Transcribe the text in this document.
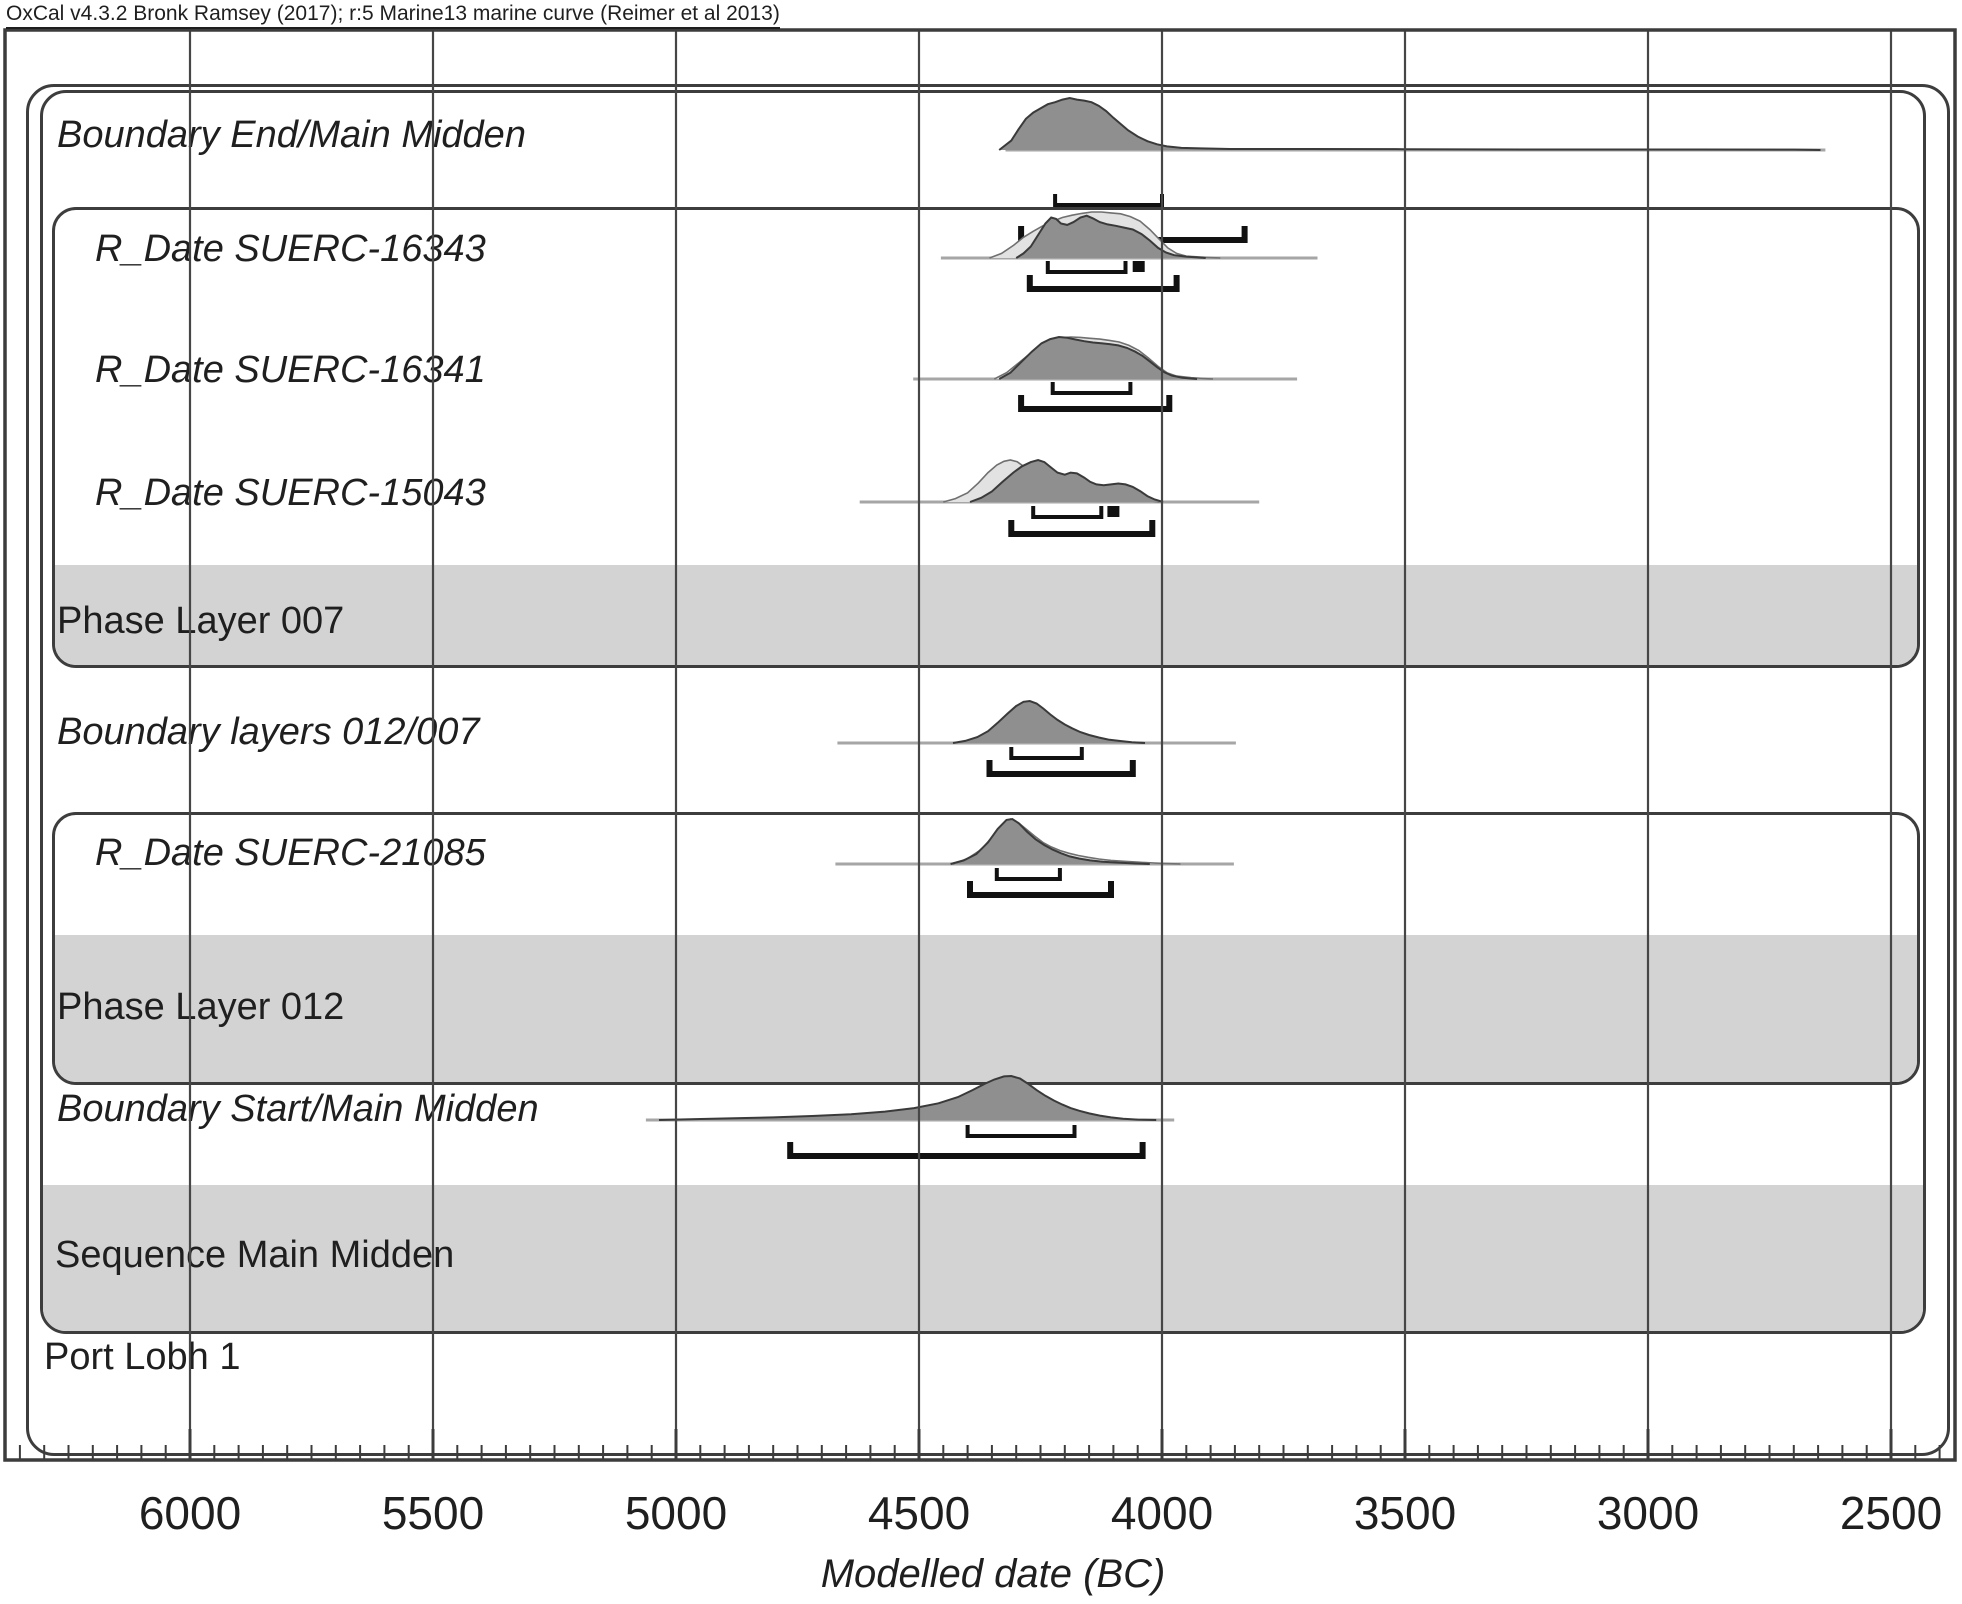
OxCal v4.3.2 Bronk Ramsey (2017); r:5 Marine13 marine curve (Reimer et al 2013)
Sequence Main Midden
Phase Layer 007
Phase Layer 012
Port Lobh 1
Boundary End/Main Midden
R_Date SUERC-16343
R_Date SUERC-16341
R_Date SUERC-15043
Boundary layers 012/007
R_Date SUERC-21085
Boundary Start/Main Midden
6000	5500	5000	4500	4000	3500	3000	2500
Modelled date (BC)
